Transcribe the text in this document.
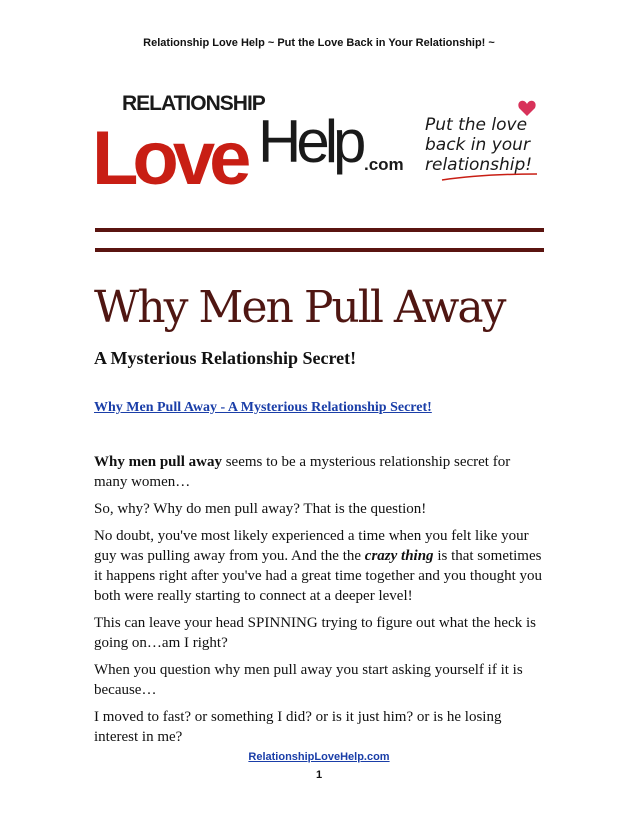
Relationship Love Help ~ Put the Love Back in Your Relationship! ~
RELATIONSHIP
Love Help .com
Put the love
back in your
relationship!
Why Men Pull Away
A Mysterious Relationship Secret!
Why Men Pull Away - A Mysterious Relationship Secret!

Why men pull away seems to be a mysterious relationship secret for many women…

So, why? Why do men pull away? That is the question!

No doubt, you've most likely experienced a time when you felt like your guy was pulling away from you. And the the crazy thing is that sometimes it happens right after you've had a great time together and you thought you both were really starting to connect at a deeper level!

This can leave your head SPINNING trying to figure out what the heck is going on…am I right?

When you question why men pull away you start asking yourself if it is because…

I moved to fast? or something I did? or is it just him? or is he losing interest in me?

RelationshipLoveHelp.com
1
